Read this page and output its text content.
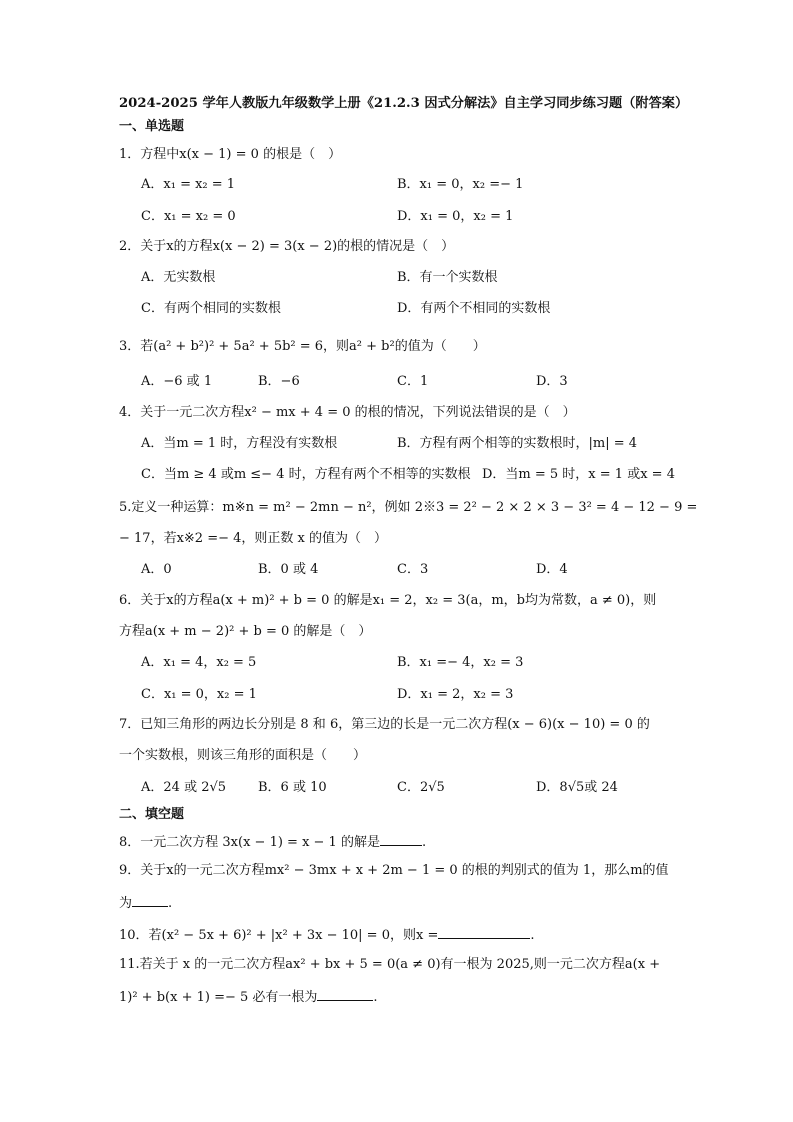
2024-2025 学年人教版九年级数学上册《21.2.3 因式分解法》自主学习同步练习题（附答案）
一、单选题
1．方程中x(x − 1) = 0 的根是（　）
A．x₁ = x₂ = 1	B．x₁ = 0，x₂ =− 1
C．x₁ = x₂ = 0	D．x₁ = 0，x₂ = 1
2．关于x的方程x(x − 2) = 3(x − 2)的根的情况是（　）
A．无实数根	B．有一个实数根
C．有两个相同的实数根	D．有两个不相同的实数根
3．若(a² + b²)² + 5a² + 5b² = 6，则a² + b²的值为（　　）
A．−6 或 1	B．−6	C．1	D．3
4．关于一元二次方程x² − mx + 4 = 0 的根的情况，下列说法错误的是（　）
A．当m = 1 时，方程没有实数根	B．方程有两个相等的实数根时，|m| = 4
C．当m ≥ 4 或m ≤− 4 时，方程有两个不相等的实数根 D．当m = 5 时，x = 1 或x = 4
5.定义一种运算：m※n = m² − 2mn − n²，例如 2※3 = 2² − 2 × 2 × 3 − 3² = 4 − 12 − 9 =
− 17，若x※2 =− 4，则正数 x 的值为（　）
A．0	B．0 或 4	C．3	D．4
6．关于x的方程a(x + m)² + b = 0 的解是x₁ = 2，x₂ = 3(a，m，b均为常数，a ≠ 0)，则
方程a(x + m − 2)² + b = 0 的解是（　）
A．x₁ = 4，x₂ = 5	B．x₁ =− 4，x₂ = 3
C．x₁ = 0，x₂ = 1	D．x₁ = 2，x₂ = 3
7．已知三角形的两边长分别是 8 和 6，第三边的长是一元二次方程(x − 6)(x − 10) = 0 的
一个实数根，则该三角形的面积是（　　）
A．24 或 2√5 B．6 或 10	C．2√5	D．8√5或 24
二、填空题
8．一元二次方程 3x(x − 1) = x − 1 的解是	.
9．关于x的一元二次方程mx² − 3mx + x + 2m − 1 = 0 的根的判别式的值为 1，那么m的值
为	.
10．若(x² − 5x + 6)² + |x² + 3x − 10| = 0，则x =	.
11.若关于 x 的一元二次方程ax² + bx + 5 = 0(a ≠ 0)有一根为 2025,则一元二次方程a(x +
1)² + b(x + 1) =− 5 必有一根为	.
